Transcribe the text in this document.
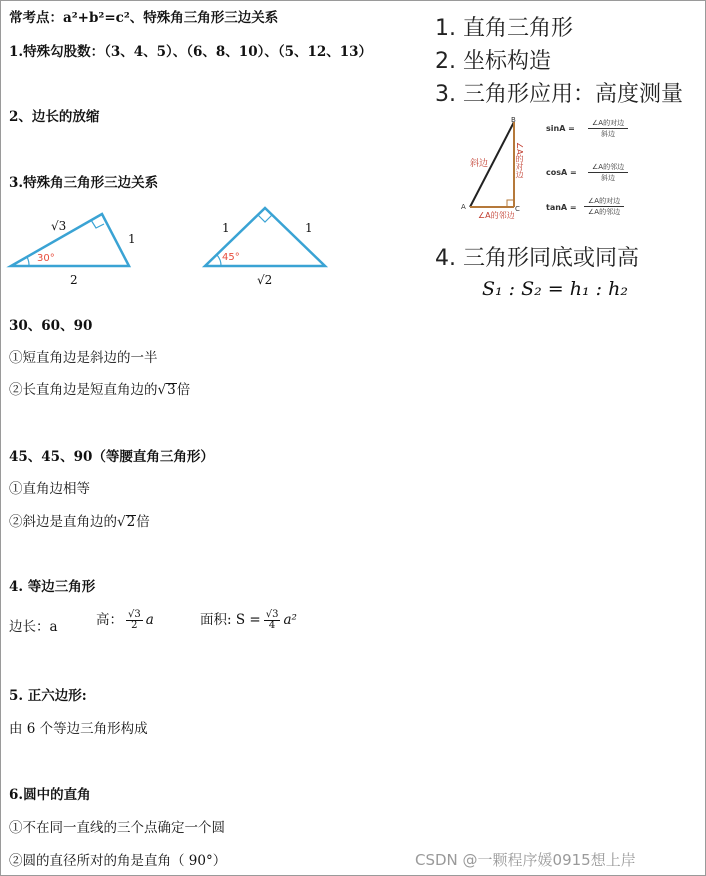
常考点：a²+b²=c²、特殊角三角形三边关系
1.特殊勾股数：（3、4、5）、（6、8、10）、（5、12、13）
2、边长的放缩
3.特殊角三角形三边关系
√3
1
2
30°
1	1
√2
45°
30、60、90
①短直角边是斜边的一半
②长直角边是短直角边的√3倍
45、45、90（等腰直角三角形）
①直角边相等
②斜边是直角边的√2倍
4. 等边三角形
边长：a	高： $\frac{√3}{2}$ a	面积: $S = \frac{√3}{4} a^2$
5. 正六边形:
由 6 个等边三角形构成
6.圆中的直角
①不在同一直线的三个点确定一个圆
②圆的直径所对的角是直角（ 90°）
1. 直角三角形
2. 坐标构造
3. 三角形应用：高度测量
A
B
C
斜边	∠A的对边
∠A的邻边
sinA =
∠A的对边
斜边
cosA =
∠A的邻边
斜边
tanA =
∠A的对边
∠A的邻边
4. 三角形同底或同高
S₁ : S₂ = h₁ : h₂
CSDN @一颗程序媛0915想上岸
